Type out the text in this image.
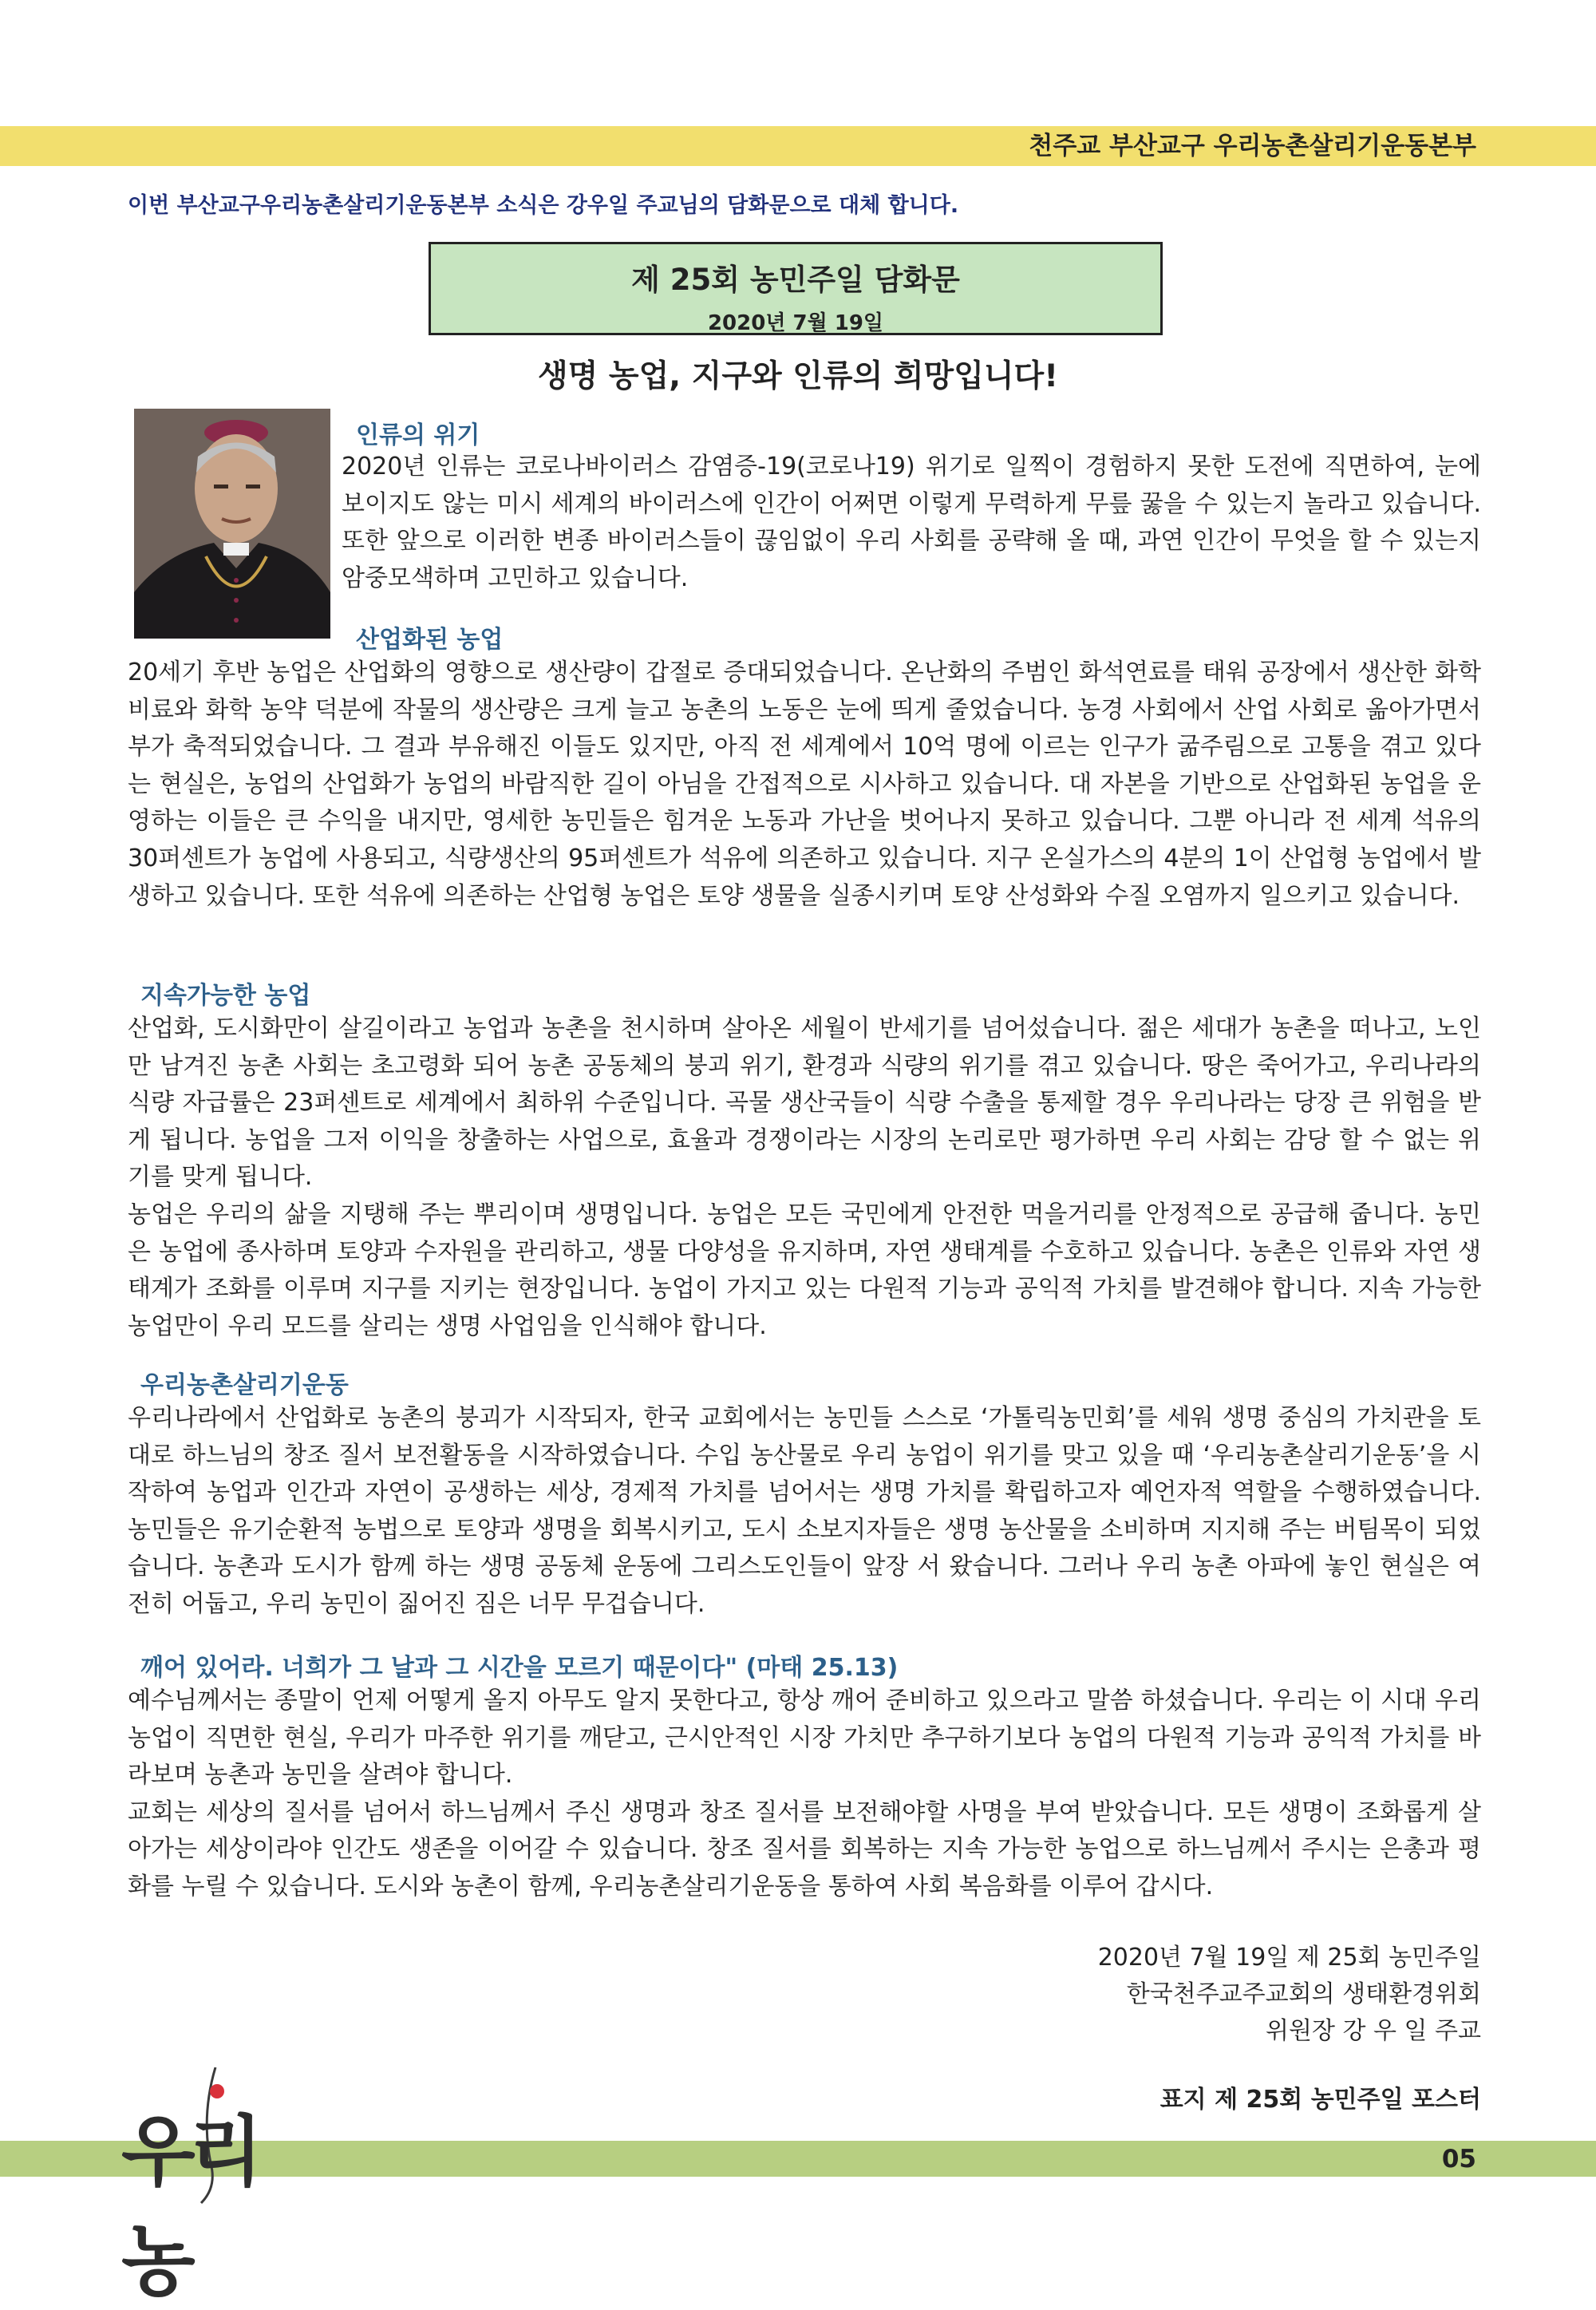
천주교 부산교구 우리농촌살리기운동본부
이번 부산교구우리농촌살리기운동본부 소식은 강우일 주교님의 담화문으로 대체 합니다.
제 25회 농민주일 담화문
2020년 7월 19일
생명 농업, 지구와 인류의 희망입니다!
인류의 위기

2020년 인류는 코로나바이러스 감염증-19(코로나19) 위기로 일찍이 경험하지 못한 도전에 직면하여, 눈에 보이지도 않는 미시 세계의 바이러스에 인간이 어쩌면 이렇게 무력하게 무릎 꿇을 수 있는지 놀라고 있습니다. 또한 앞으로 이러한 변종 바이러스들이 끊임없이 우리 사회를 공략해 올 때, 과연 인간이 무엇을 할 수 있는지 암중모색하며 고민하고 있습니다.

산업화된 농업

20세기 후반 농업은 산업화의 영향으로 생산량이 갑절로 증대되었습니다. 온난화의 주범인 화석연료를 태워 공장에서 생산한 화학비료와 화학 농약 덕분에 작물의 생산량은 크게 늘고 농촌의 노동은 눈에 띄게 줄었습니다. 농경 사회에서 산업 사회로 옮아가면서 부가 축적되었습니다. 그 결과 부유해진 이들도 있지만, 아직 전 세계에서 10억 명에 이르는 인구가 굶주림으로 고통을 겪고 있다는 현실은, 농업의 산업화가 농업의 바람직한 길이 아님을 간접적으로 시사하고 있습니다. 대 자본을 기반으로 산업화된 농업을 운영하는 이들은 큰 수익을 내지만, 영세한 농민들은 힘겨운 노동과 가난을 벗어나지 못하고 있습니다. 그뿐 아니라 전 세계 석유의 30퍼센트가 농업에 사용되고, 식량생산의 95퍼센트가 석유에 의존하고 있습니다. 지구 온실가스의 4분의 1이 산업형 농업에서 발생하고 있습니다. 또한 석유에 의존하는 산업형 농업은 토양 생물을 실종시키며 토양 산성화와 수질 오염까지 일으키고 있습니다.

지속가능한 농업

산업화, 도시화만이 살길이라고 농업과 농촌을 천시하며 살아온 세월이 반세기를 넘어섰습니다. 젊은 세대가 농촌을 떠나고, 노인만 남겨진 농촌 사회는 초고령화 되어 농촌 공동체의 붕괴 위기, 환경과 식량의 위기를 겪고 있습니다. 땅은 죽어가고, 우리나라의 식량 자급률은 23퍼센트로 세계에서 최하위 수준입니다. 곡물 생산국들이 식량 수출을 통제할 경우 우리나라는 당장 큰 위험을 받게 됩니다. 농업을 그저 이익을 창출하는 사업으로, 효율과 경쟁이라는 시장의 논리로만 평가하면 우리 사회는 감당 할 수 없는 위기를 맞게 됩니다.

농업은 우리의 삶을 지탱해 주는 뿌리이며 생명입니다. 농업은 모든 국민에게 안전한 먹을거리를 안정적으로 공급해 줍니다. 농민은 농업에 종사하며 토양과 수자원을 관리하고, 생물 다양성을 유지하며, 자연 생태계를 수호하고 있습니다. 농촌은 인류와 자연 생태계가 조화를 이루며 지구를 지키는 현장입니다. 농업이 가지고 있는 다원적 기능과 공익적 가치를 발견해야 합니다. 지속 가능한 농업만이 우리 모드를 살리는 생명 사업임을 인식해야 합니다.

우리농촌살리기운동

우리나라에서 산업화로 농촌의 붕괴가 시작되자, 한국 교회에서는 농민들 스스로 ‘가톨릭농민회’를 세워 생명 중심의 가치관을 토대로 하느님의 창조 질서 보전활동을 시작하였습니다. 수입 농산물로 우리 농업이 위기를 맞고 있을 때 ‘우리농촌살리기운동’을 시작하여 농업과 인간과 자연이 공생하는 세상, 경제적 가치를 넘어서는 생명 가치를 확립하고자 예언자적 역할을 수행하였습니다. 농민들은 유기순환적 농법으로 토양과 생명을 회복시키고, 도시 소보지자들은 생명 농산물을 소비하며 지지해 주는 버팀목이 되었습니다. 농촌과 도시가 함께 하는 생명 공동체 운동에 그리스도인들이 앞장 서 왔습니다. 그러나 우리 농촌 아파에 놓인 현실은 여전히 어둡고, 우리 농민이 짊어진 짐은 너무 무겁습니다.

깨어 있어라. 너희가 그 날과 그 시간을 모르기 때문이다" (마태 25.13)

예수님께서는 종말이 언제 어떻게 올지 아무도 알지 못한다고, 항상 깨어 준비하고 있으라고 말씀 하셨습니다. 우리는 이 시대 우리 농업이 직면한 현실, 우리가 마주한 위기를 깨닫고, 근시안적인 시장 가치만 추구하기보다 농업의 다원적 기능과 공익적 가치를 바라보며 농촌과 농민을 살려야 합니다.

교회는 세상의 질서를 넘어서 하느님께서 주신 생명과 창조 질서를 보전해야할 사명을 부여 받았습니다. 모든 생명이 조화롭게 살아가는 세상이라야 인간도 생존을 이어갈 수 있습니다. 창조 질서를 회복하는 지속 가능한 농업으로 하느님께서 주시는 은총과 평화를 누릴 수 있습니다. 도시와 농촌이 함께, 우리농촌살리기운동을 통하여 사회 복음화를 이루어 갑시다.

2020년 7월 19일 제 25회 농민주일
한국천주교주교회의 생태환경위회
위원장 강 우 일 주교
표지 제 25회 농민주일 포스터
05
우리농
